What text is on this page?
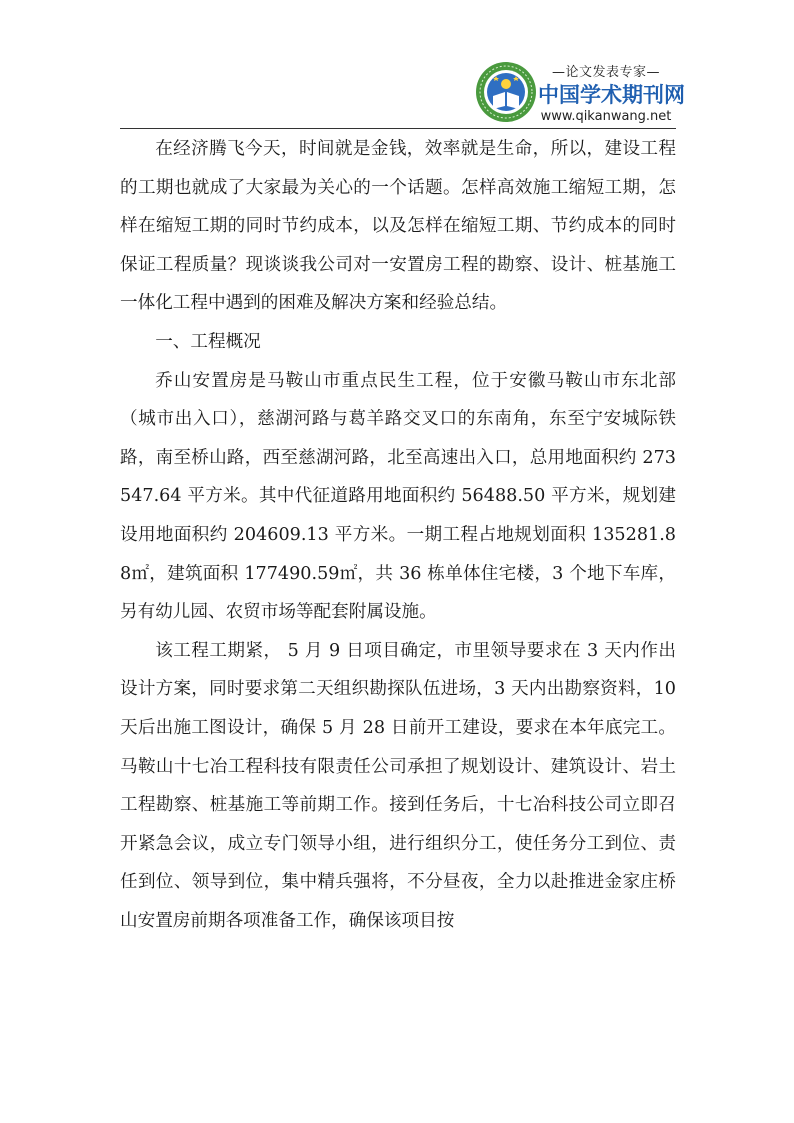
—论文发表专家—
中国学术期刊网
www.qikanwang.net

在经济腾飞今天，时间就是金钱，效率就是生命，所以，建设工程的工期也就成了大家最为关心的一个话题。怎样高效施工缩短工期，怎样在缩短工期的同时节约成本，以及怎样在缩短工期、节约成本的同时保证工程质量？现谈谈我公司对一安置房工程的勘察、设计、桩基施工一体化工程中遇到的困难及解决方案和经验总结。

一、工程概况

乔山安置房是马鞍山市重点民生工程，位于安徽马鞍山市东北部（城市出入口），慈湖河路与葛羊路交叉口的东南角，东至宁安城际铁路，南至桥山路，西至慈湖河路，北至高速出入口，总用地面积约 273547.64 平方米。其中代征道路用地面积约 56488.50 平方米，规划建设用地面积约 204609.13 平方米。一期工程占地规划面积 135281.88㎡，建筑面积 177490.59㎡，共 36 栋单体住宅楼，3 个地下车库，另有幼儿园、农贸市场等配套附属设施。

该工程工期紧， 5 月 9 日项目确定，市里领导要求在 3 天内作出设计方案，同时要求第二天组织勘探队伍进场，3 天内出勘察资料，10 天后出施工图设计，确保 5 月 28 日前开工建设，要求在本年底完工。马鞍山十七冶工程科技有限责任公司承担了规划设计、建筑设计、岩土工程勘察、桩基施工等前期工作。接到任务后，十七冶科技公司立即召开紧急会议，成立专门领导小组，进行组织分工，使任务分工到位、责任到位、领导到位，集中精兵强将，不分昼夜，全力以赴推进金家庄桥山安置房前期各项准备工作，确保该项目按
